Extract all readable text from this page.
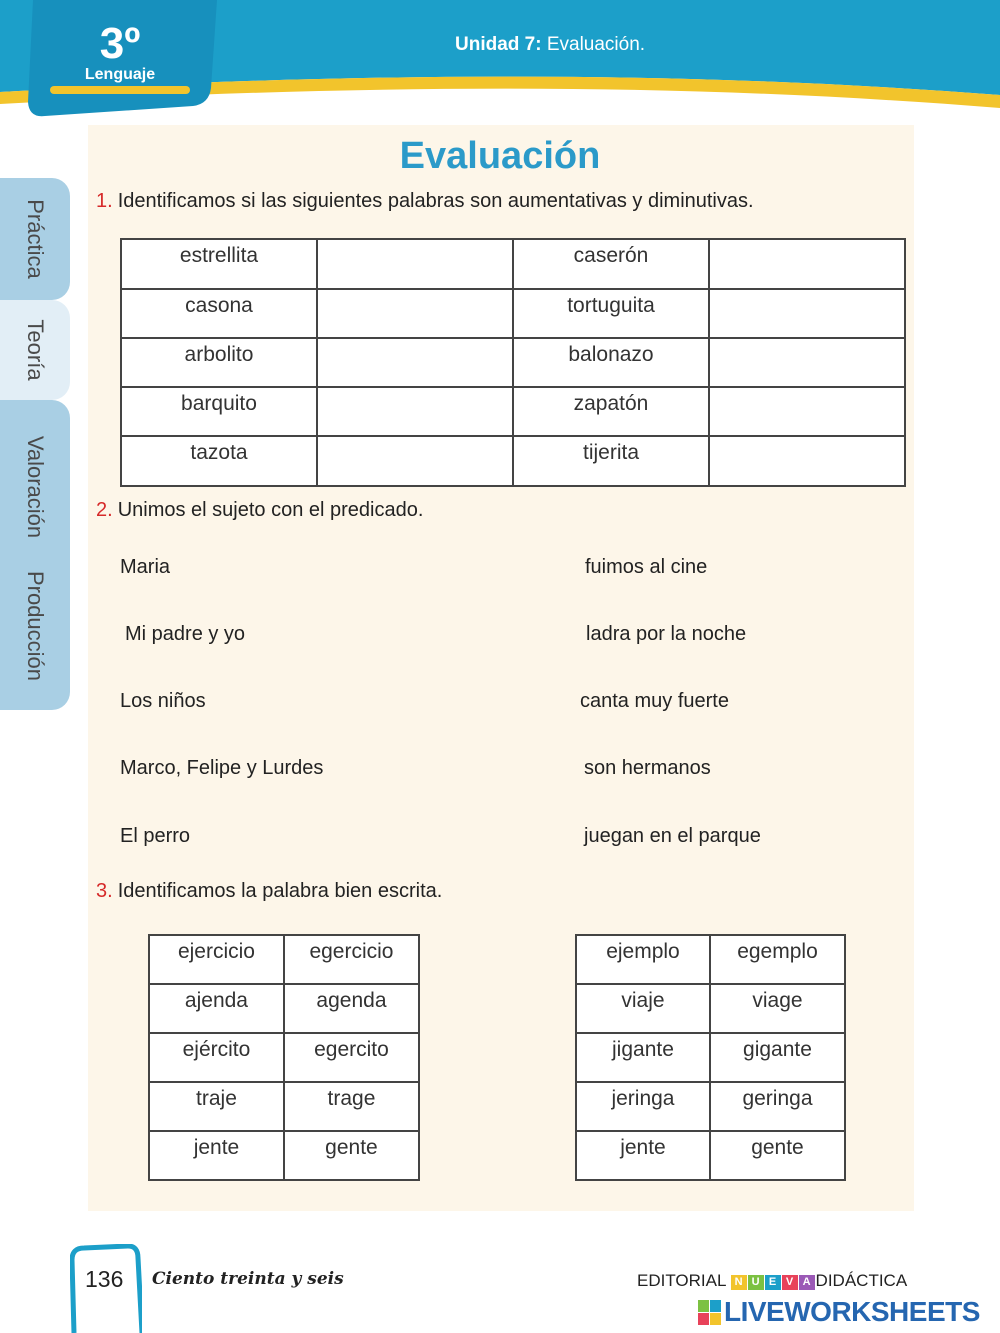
3º
Lenguaje
Unidad 7: Evaluación.
Práctica
Teoría
Valoración
Producción
Evaluación
1. Identificamos si las siguientes palabras son aumentativas y diminutivas.
estrellita		caserón	
casona		tortuguita	
arbolito		balonazo	
barquito		zapatón	
tazota		tijerita	
2. Unimos el sujeto con el predicado.
Maria
Mi padre y yo
Los niños
Marco, Felipe y Lurdes
El perro
fuimos al cine
ladra por la noche
canta muy fuerte
son hermanos
juegan en el parque
3. Identificamos la palabra bien escrita.
ejercicio	egercicio
ajenda	agenda
ejército	egercito
traje	trage
jente	gente
ejemplo	egemplo
viaje	viage
jigante	gigante
jeringa	geringa
jente	gente
136 Ciento treinta y seis	EDITORIAL N U E V A DIDÁCTICA
LIVEWORKSHEETS
